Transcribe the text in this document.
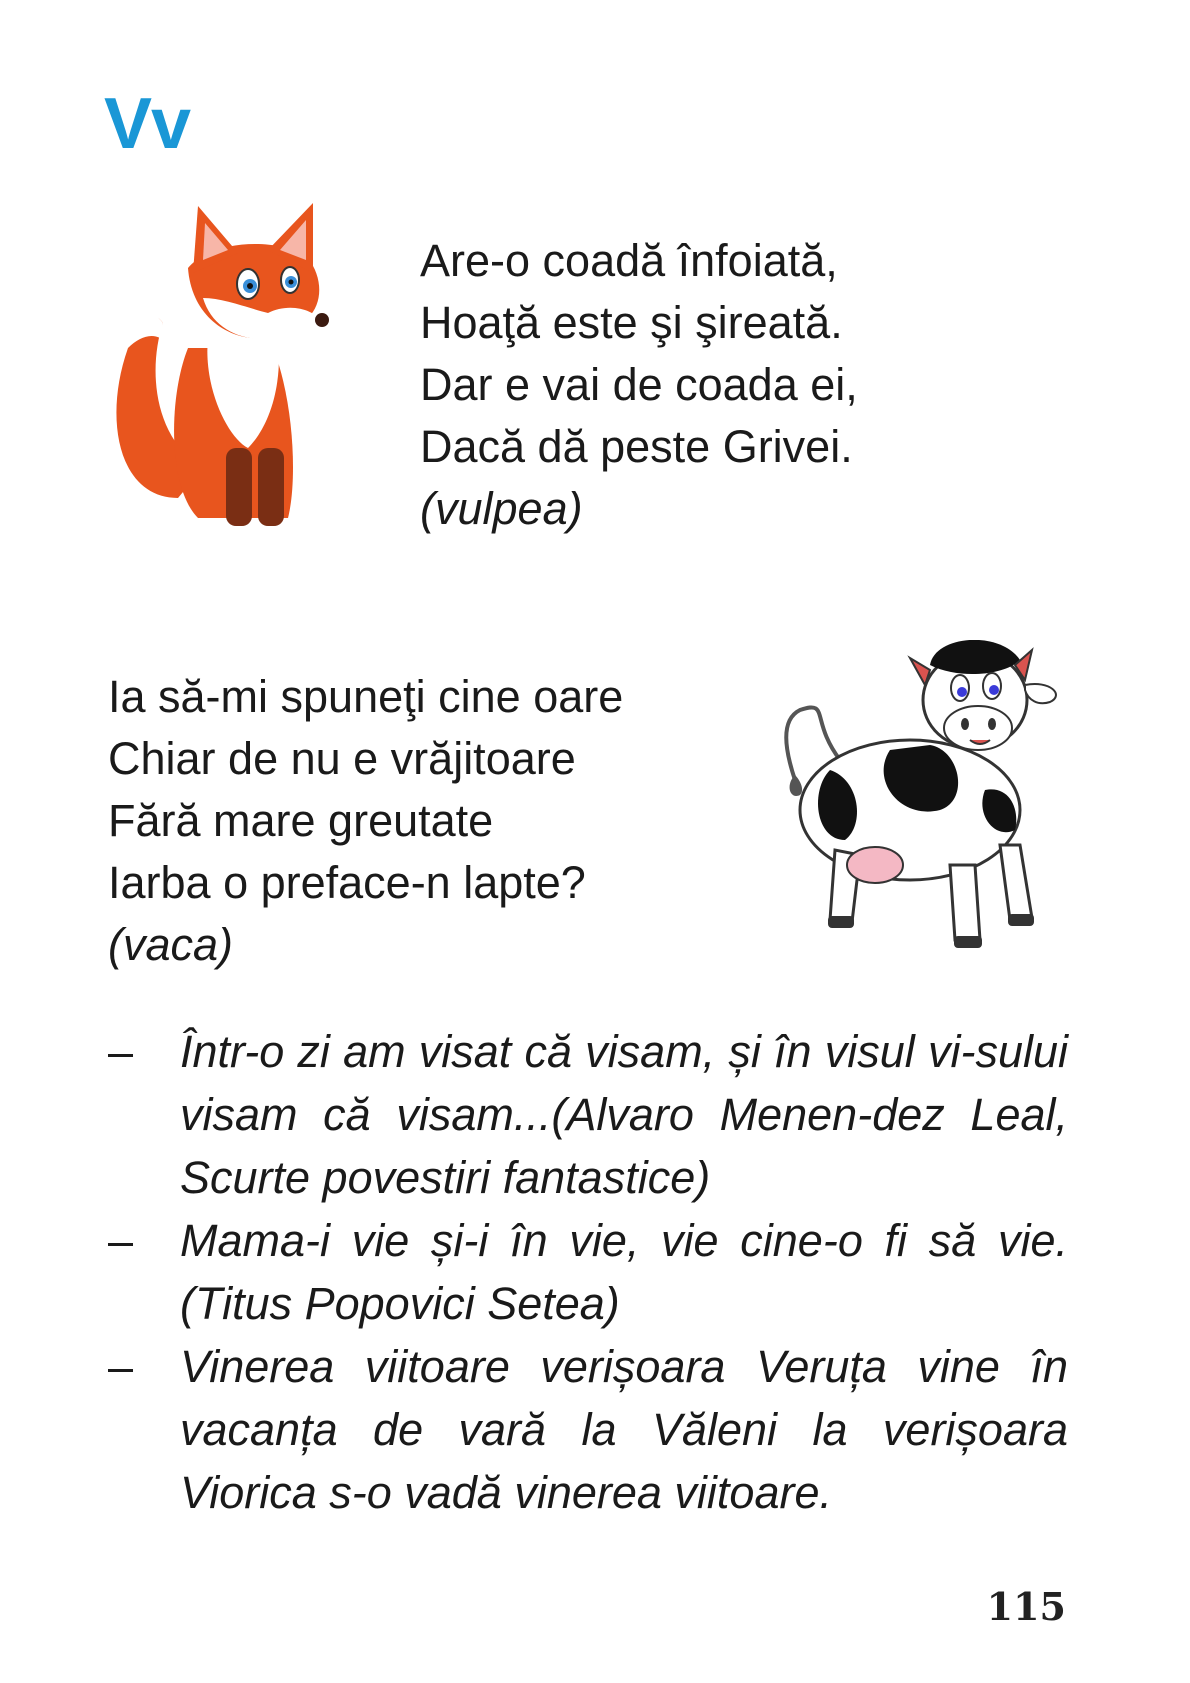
Vv
Are-o coadă înfoiată,
Hoaţă este şi şireată.
Dar e vai de coada ei,
Dacă dă peste Grivei.
(vulpea)
Ia să-mi spuneţi cine oare
Chiar de nu e vrăjitoare
Fără mare greutate
Iarba o preface-n lapte?
(vaca)
– Într-o zi am visat că visam, și în visul vi-sului visam că visam...(Alvaro Menen-dez Leal, Scurte povestiri fantastice)
– Mama-i vie și-i în vie, vie cine-o fi să vie. (Titus Popovici Setea)
– Vinerea viitoare verișoara Veruța vine în vacanța de vară la Văleni la verișoara Viorica s-o vadă vinerea viitoare.
115
